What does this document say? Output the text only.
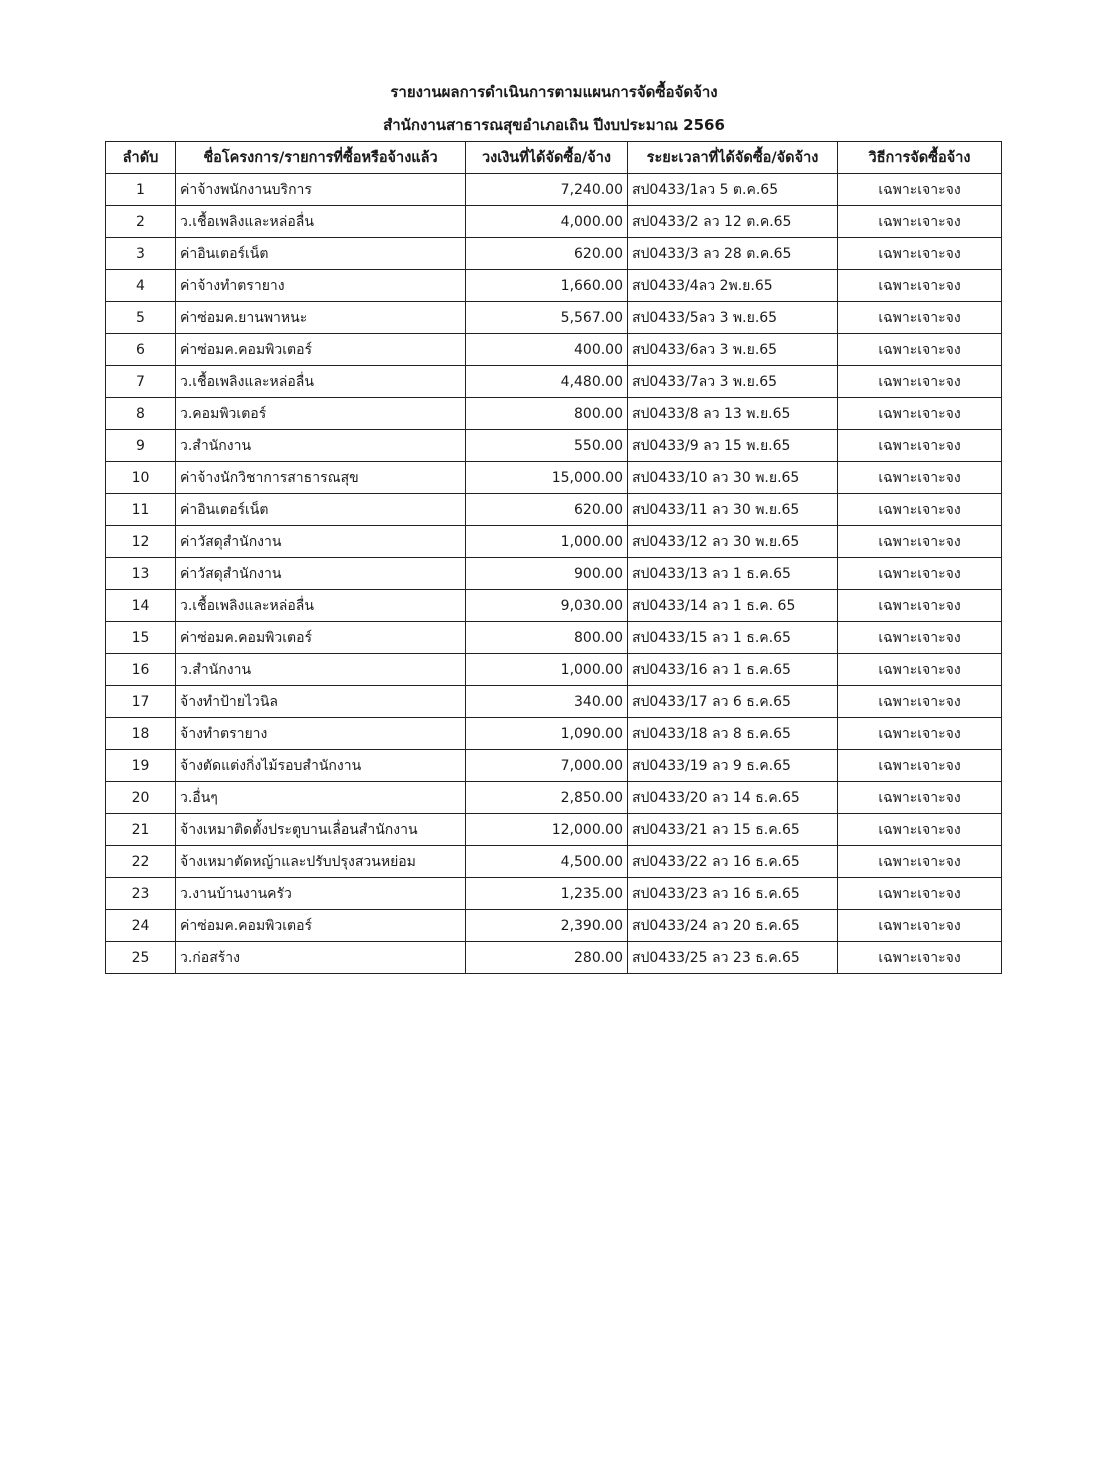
รายงานผลการดำเนินการตามแผนการจัดซื้อจัดจ้าง
สำนักงานสาธารณสุขอำเภอเถิน ปีงบประมาณ 2566
ลำดับ	ชื่อโครงการ/รายการที่ซื้อหรือจ้างแล้ว	วงเงินที่ได้จัดซื้อ/จ้าง	ระยะเวลาที่ได้จัดซื้อ/จัดจ้าง	วิธีการจัดซื้อจ้าง
1	ค่าจ้างพนักงานบริการ	7,240.00	สป0433/1ลว 5 ต.ค.65	เฉพาะเจาะจง
2	ว.เชื้อเพลิงและหล่อลื่น	4,000.00	สป0433/2 ลว 12 ต.ค.65	เฉพาะเจาะจง
3	ค่าอินเตอร์เน็ต	620.00	สป0433/3 ลว 28 ต.ค.65	เฉพาะเจาะจง
4	ค่าจ้างทำตรายาง	1,660.00	สป0433/4ลว 2พ.ย.65	เฉพาะเจาะจง
5	ค่าซ่อมค.ยานพาหนะ	5,567.00	สป0433/5ลว 3 พ.ย.65	เฉพาะเจาะจง
6	ค่าซ่อมค.คอมพิวเตอร์	400.00	สป0433/6ลว 3 พ.ย.65	เฉพาะเจาะจง
7	ว.เชื้อเพลิงและหล่อลื่น	4,480.00	สป0433/7ลว 3 พ.ย.65	เฉพาะเจาะจง
8	ว.คอมพิวเตอร์	800.00	สป0433/8 ลว 13 พ.ย.65	เฉพาะเจาะจง
9	ว.สำนักงาน	550.00	สป0433/9 ลว 15 พ.ย.65	เฉพาะเจาะจง
10	ค่าจ้างนักวิชาการสาธารณสุข	15,000.00	สป0433/10 ลว 30 พ.ย.65	เฉพาะเจาะจง
11	ค่าอินเตอร์เน็ต	620.00	สป0433/11 ลว 30 พ.ย.65	เฉพาะเจาะจง
12	ค่าวัสดุสำนักงาน	1,000.00	สป0433/12 ลว 30 พ.ย.65	เฉพาะเจาะจง
13	ค่าวัสดุสำนักงาน	900.00	สป0433/13 ลว 1 ธ.ค.65	เฉพาะเจาะจง
14	ว.เชื้อเพลิงและหล่อลื่น	9,030.00	สป0433/14 ลว 1 ธ.ค. 65	เฉพาะเจาะจง
15	ค่าซ่อมค.คอมพิวเตอร์	800.00	สป0433/15 ลว 1 ธ.ค.65	เฉพาะเจาะจง
16	ว.สำนักงาน	1,000.00	สป0433/16 ลว 1 ธ.ค.65	เฉพาะเจาะจง
17	จ้างทำป้ายไวนิล	340.00	สป0433/17 ลว 6 ธ.ค.65	เฉพาะเจาะจง
18	จ้างทำตรายาง	1,090.00	สป0433/18 ลว 8 ธ.ค.65	เฉพาะเจาะจง
19	จ้างตัดแต่งกิ่งไม้รอบสำนักงาน	7,000.00	สป0433/19 ลว 9 ธ.ค.65	เฉพาะเจาะจง
20	ว.อื่นๆ	2,850.00	สป0433/20 ลว 14 ธ.ค.65	เฉพาะเจาะจง
21	จ้างเหมาติดตั้งประตูบานเลื่อนสำนักงาน	12,000.00	สป0433/21 ลว 15 ธ.ค.65	เฉพาะเจาะจง
22	จ้างเหมาตัดหญ้าและปรับปรุงสวนหย่อม	4,500.00	สป0433/22 ลว 16 ธ.ค.65	เฉพาะเจาะจง
23	ว.งานบ้านงานครัว	1,235.00	สป0433/23 ลว 16 ธ.ค.65	เฉพาะเจาะจง
24	ค่าซ่อมค.คอมพิวเตอร์	2,390.00	สป0433/24 ลว 20 ธ.ค.65	เฉพาะเจาะจง
25	ว.ก่อสร้าง	280.00	สป0433/25 ลว 23 ธ.ค.65	เฉพาะเจาะจง
